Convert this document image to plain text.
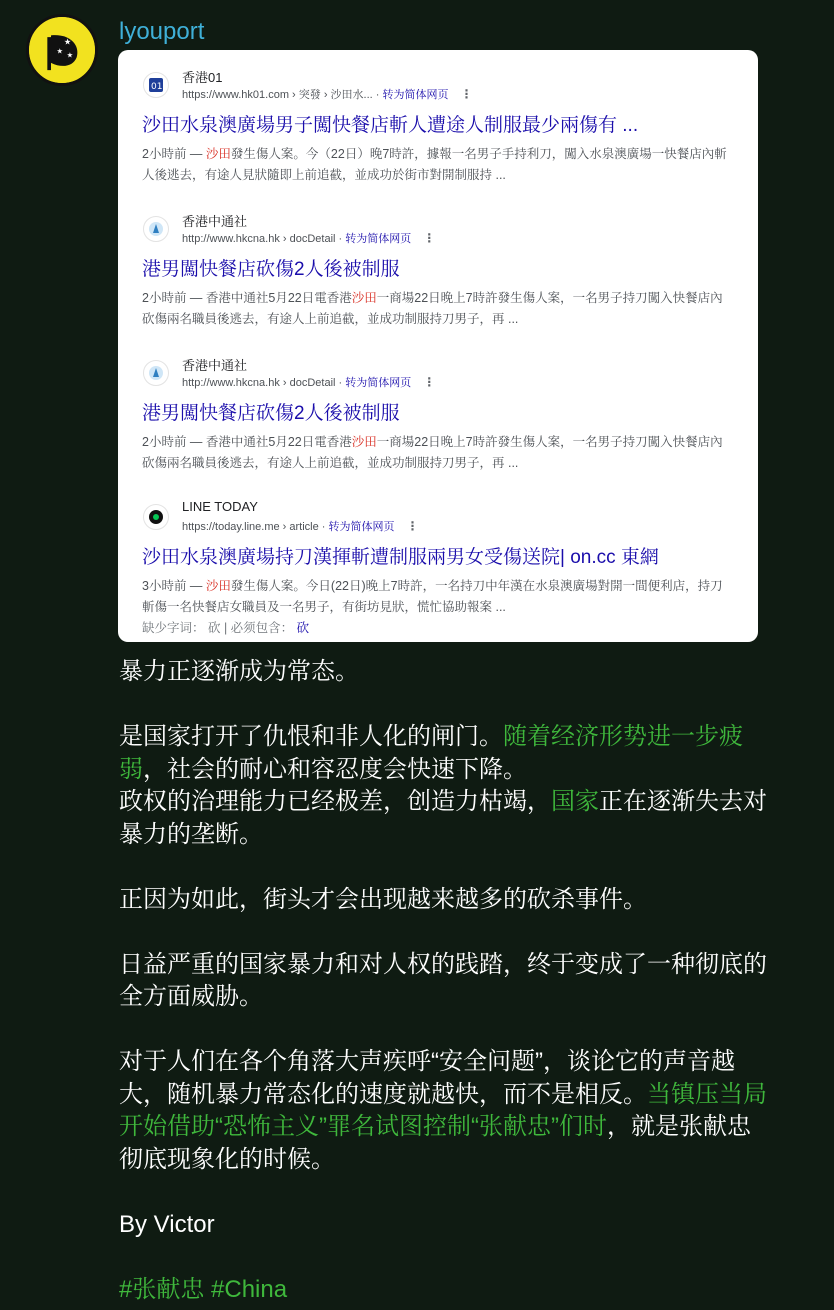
★
★ ★
lyouport
01
香港01
https://www.hk01.com › 突發 › 沙田水... · 转为简体网页 ⋮
沙田水泉澳廣場男子闖快餐店斬人遭途人制服最少兩傷有 ...
2小時前 — 沙田發生傷人案。今（22日）晚7時許，據報一名男子手持利刀，闖入水泉澳廣場一快餐店內斬人後逃去，有途人見狀隨即上前追截，並成功於街市對開制服持 ...
香港中通社
http://www.hkcna.hk › docDetail · 转为简体网页 ⋮
港男闖快餐店砍傷2人後被制服
2小時前 — 香港中通社5月22日電香港沙田一商場22日晚上7時許發生傷人案，一名男子持刀闖入快餐店內砍傷兩名職員後逃去，有途人上前追截，並成功制服持刀男子，再 ...
香港中通社
http://www.hkcna.hk › docDetail · 转为简体网页 ⋮
港男闖快餐店砍傷2人後被制服
2小時前 — 香港中通社5月22日電香港沙田一商場22日晚上7時許發生傷人案，一名男子持刀闖入快餐店內砍傷兩名職員後逃去，有途人上前追截，並成功制服持刀男子，再 ...
LINE TODAY
https://today.line.me › article · 转为简体网页 ⋮
沙田水泉澳廣場持刀漢揮斬遭制服兩男女受傷送院| on.cc 東網
3小時前 — 沙田發生傷人案。今日(22日)晚上7時許，一名持刀中年漢在水泉澳廣場對開一間便利店，持刀斬傷一名快餐店女職員及一名男子，有街坊見狀，慌忙協助報案 ...
缺少字词： 砍 | 必须包含： 砍

暴力正逐渐成为常态。

是国家打开了仇恨和非人化的闸门。随着经济形势进一步疲弱，社会的耐心和容忍度会快速下降。

政权的治理能力已经极差，创造力枯竭，国家正在逐渐失去对暴力的垄断。

正因为如此，街头才会出现越来越多的砍杀事件。

日益严重的国家暴力和对人权的践踏，终于变成了一种彻底的全方面威胁。

对于人们在各个角落大声疾呼“安全问题”，谈论它的声音越大，随机暴力常态化的速度就越快，而不是相反。当镇压当局开始借助“恐怖主义”罪名试图控制“张献忠”们时，就是张献忠彻底现象化的时候。

By Victor

#张献忠 #China
